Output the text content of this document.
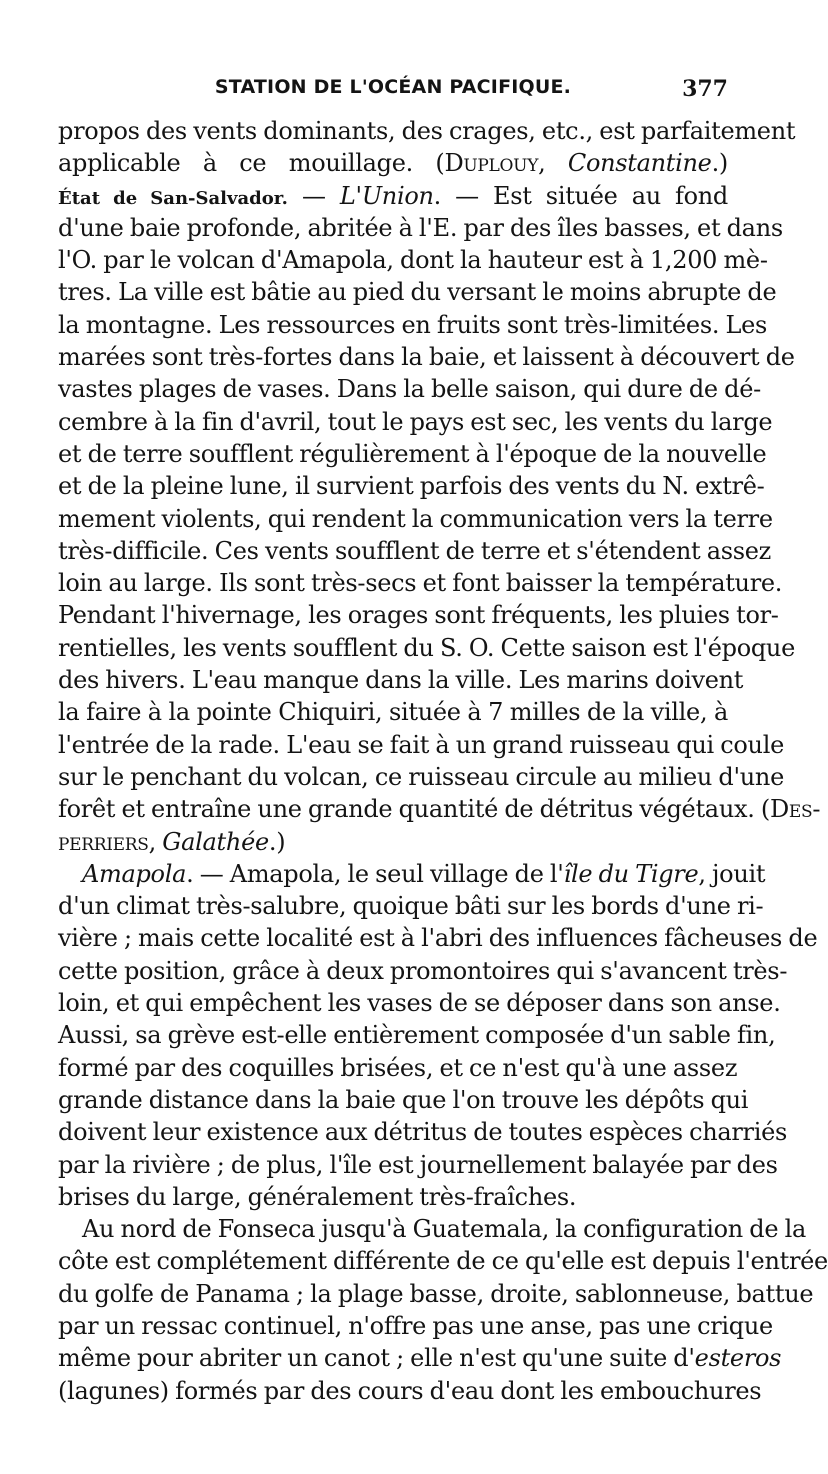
STATION DE L'OCÉAN PACIFIQUE.	377
propos des vents dominants, des crages, etc., est parfaitement
applicable à ce mouillage. (Duplouy, Constantine.)
État de San-Salvador. — L'Union. — Est située au fond
d'une baie profonde, abritée à l'E. par des îles basses, et dans
l'O. par le volcan d'Amapola, dont la hauteur est à 1,200 mè-
tres. La ville est bâtie au pied du versant le moins abrupte de
la montagne. Les ressources en fruits sont très-limitées. Les
marées sont très-fortes dans la baie, et laissent à découvert de
vastes plages de vases. Dans la belle saison, qui dure de dé-
cembre à la fin d'avril, tout le pays est sec, les vents du large
et de terre soufflent régulièrement à l'époque de la nouvelle
et de la pleine lune, il survient parfois des vents du N. extrê-
mement violents, qui rendent la communication vers la terre
très-difficile. Ces vents soufflent de terre et s'étendent assez
loin au large. Ils sont très-secs et font baisser la température.
Pendant l'hivernage, les orages sont fréquents, les pluies tor-
rentielles, les vents soufflent du S. O. Cette saison est l'époque
des hivers. L'eau manque dans la ville. Les marins doivent
la faire à la pointe Chiquiri, située à 7 milles de la ville, à
l'entrée de la rade. L'eau se fait à un grand ruisseau qui coule
sur le penchant du volcan, ce ruisseau circule au milieu d'une
forêt et entraîne une grande quantité de détritus végétaux. (Des-
perriers, Galathée.)
Amapola. — Amapola, le seul village de l'île du Tigre, jouit
d'un climat très-salubre, quoique bâti sur les bords d'une ri-
vière ; mais cette localité est à l'abri des influences fâcheuses de
cette position, grâce à deux promontoires qui s'avancent très-
loin, et qui empêchent les vases de se déposer dans son anse.
Aussi, sa grève est-elle entièrement composée d'un sable fin,
formé par des coquilles brisées, et ce n'est qu'à une assez
grande distance dans la baie que l'on trouve les dépôts qui
doivent leur existence aux détritus de toutes espèces charriés
par la rivière ; de plus, l'île est journellement balayée par des
brises du large, généralement très-fraîches.
Au nord de Fonseca jusqu'à Guatemala, la configuration de la
côte est complétement différente de ce qu'elle est depuis l'entrée
du golfe de Panama ; la plage basse, droite, sablonneuse, battue
par un ressac continuel, n'offre pas une anse, pas une crique
même pour abriter un canot ; elle n'est qu'une suite d'esteros
(lagunes) formés par des cours d'eau dont les embouchures
